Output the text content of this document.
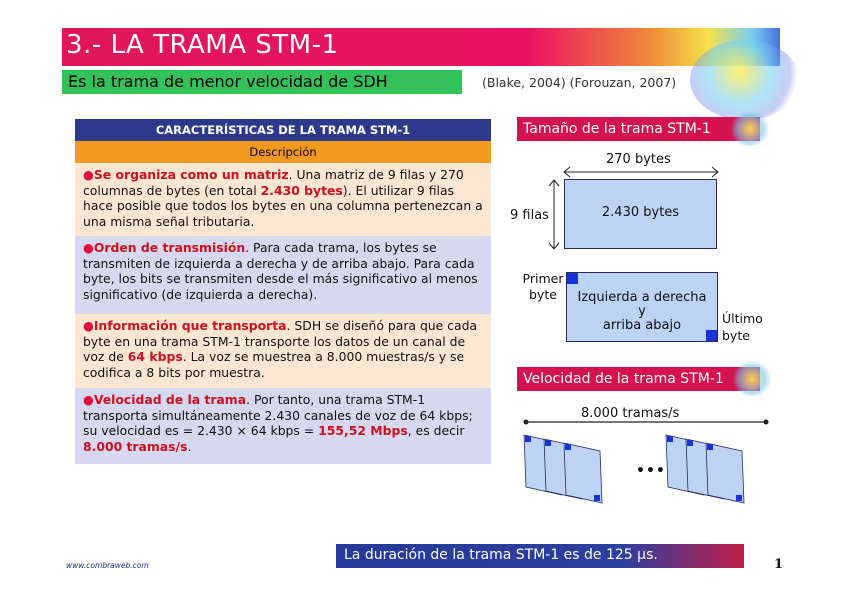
3.- LA TRAMA STM-1
Es la trama de menor velocidad de SDH	(Blake, 2004) (Forouzan, 2007)
CARACTERÍSTICAS DE LA TRAMA STM-1
Descripción
●Se organiza como un matriz. Una matriz de 9 filas y 270 columnas de bytes (en total 2.430 bytes). El utilizar 9 filas hace posible que todos los bytes en una columna pertenezcan a una misma señal tributaria.
●Orden de transmisión. Para cada trama, los bytes se transmiten de izquierda a derecha y de arriba abajo. Para cada byte, los bits se transmiten desde el más significativo al menos significativo (de izquierda a derecha).
●Información que transporta. SDH se diseñó para que cada byte en una trama STM-1 transporte los datos de un canal de voz de 64 kbps. La voz se muestrea a 8.000 muestras/s y se codifica a 8 bits por muestra.
●Velocidad de la trama. Por tanto, una trama STM-1 transporta simultáneamente 2.430 canales de voz de 64 kbps; su velocidad es = 2.430 × 64 kbps = 155,52 Mbps, es decir 8.000 tramas/s.
Tamaño de la trama STM-1
270 bytes
9 filas	2.430 bytes
Primer byte	Izquierda a derecha
y
arriba abajo	Último byte
Velocidad de la trama STM-1
8.000 tramas/s
•••
La duración de la trama STM-1 es de 125 µs.
www.combraweb.com	1
